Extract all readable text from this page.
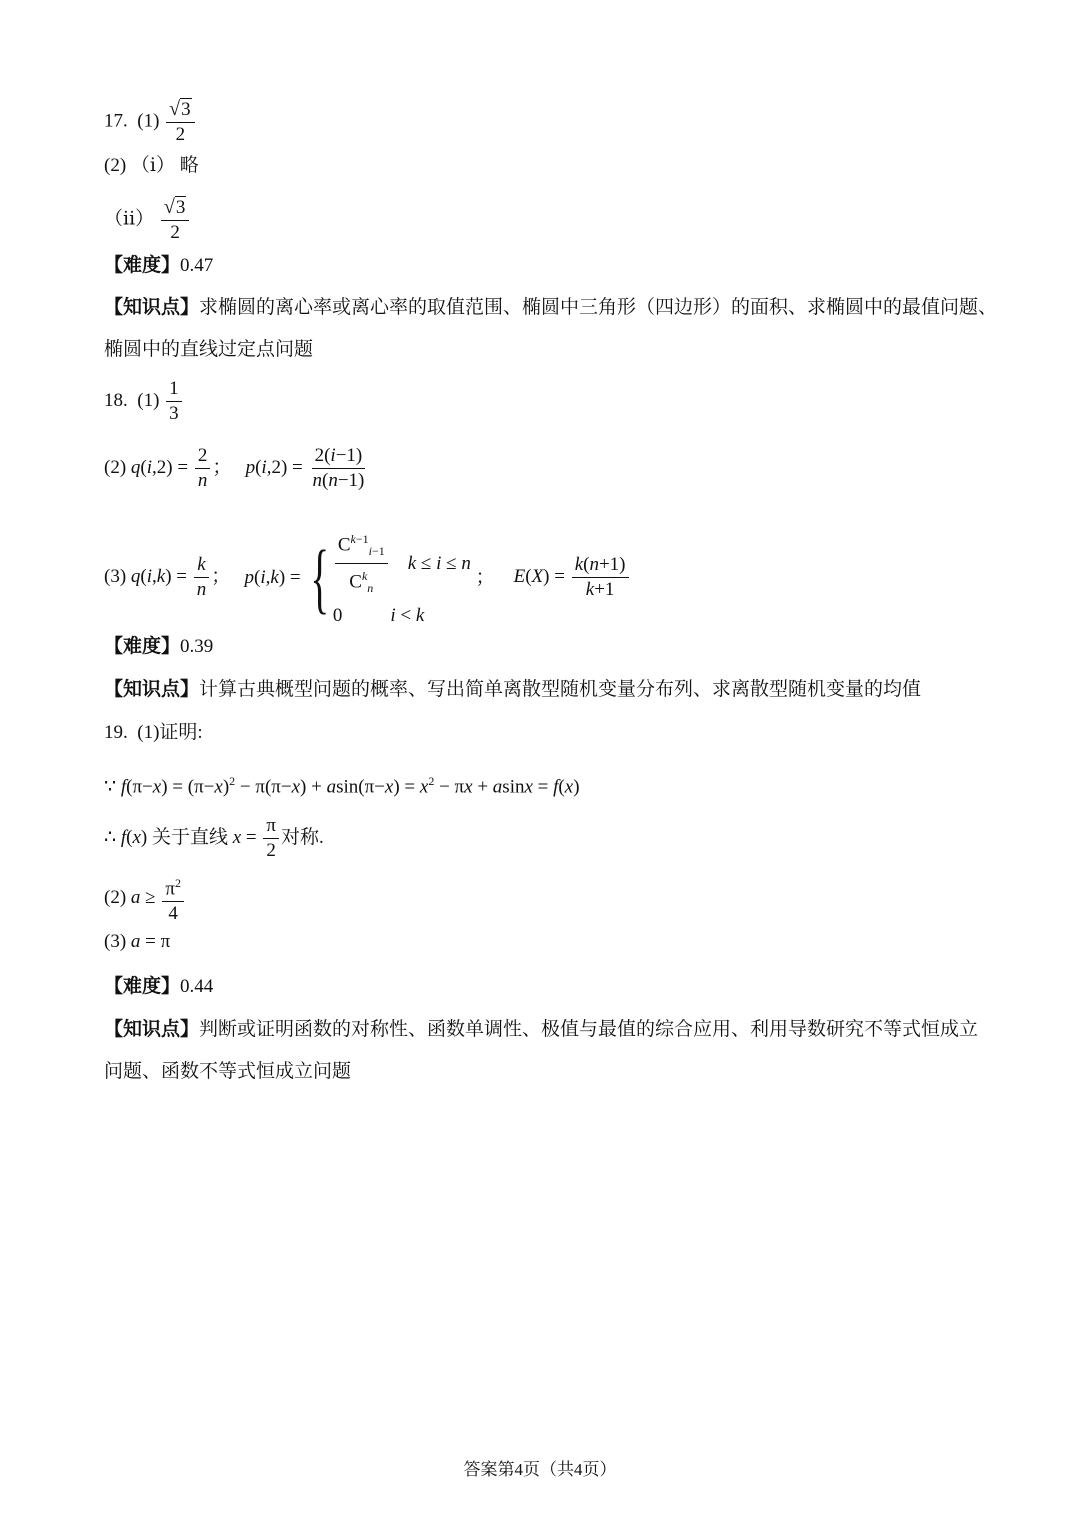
17. $(1) \frac{√3}{2}$
(2) （ⅰ） 略
（ⅱ） $\frac{√3}{2}$
【难度】0.47
【知识点】求椭圆的离心率或离心率的取值范围、椭圆中三角形（四边形）的面积、求椭圆中的最值问题、
椭圆中的直线过定点问题
18. $(1) \frac{1}{3}$
(2) $q(i,2) = \frac{2}{n}$ ；   $p(i,2) = \frac{2(i-1)}{n(n-1)}$
(3) $q(i,k) = \frac{k}{n}$ ； p ( i , k ) = { $\frac{C^{k-1}_{i-1}}{C^k_n}$ k ≤ i ≤ n
0	i < k
；    $E(X) = \frac{k(n+1)}{k+1}$
【难度】0.39
【知识点】计算古典概型问题的概率、写出简单离散型随机变量分布列、求离散型随机变量的均值
19. (1)证明:
∵ $f(\pi-x) = (\pi-x)^2 - \pi(\pi-x) + asin(\pi-x) = x^2 - \pi x + asinx = f(x)$
∴ f(x) 关于直线 $x = \frac{\pi}{2}$ 对称.
(2) $a \ge \frac{\pi^2}{4}$
(3) a = π
【难度】0.44
【知识点】判断或证明函数的对称性、函数单调性、极值与最值的综合应用、利用导数研究不等式恒成立
问题、函数不等式恒成立问题
答案第4页（共4页）
